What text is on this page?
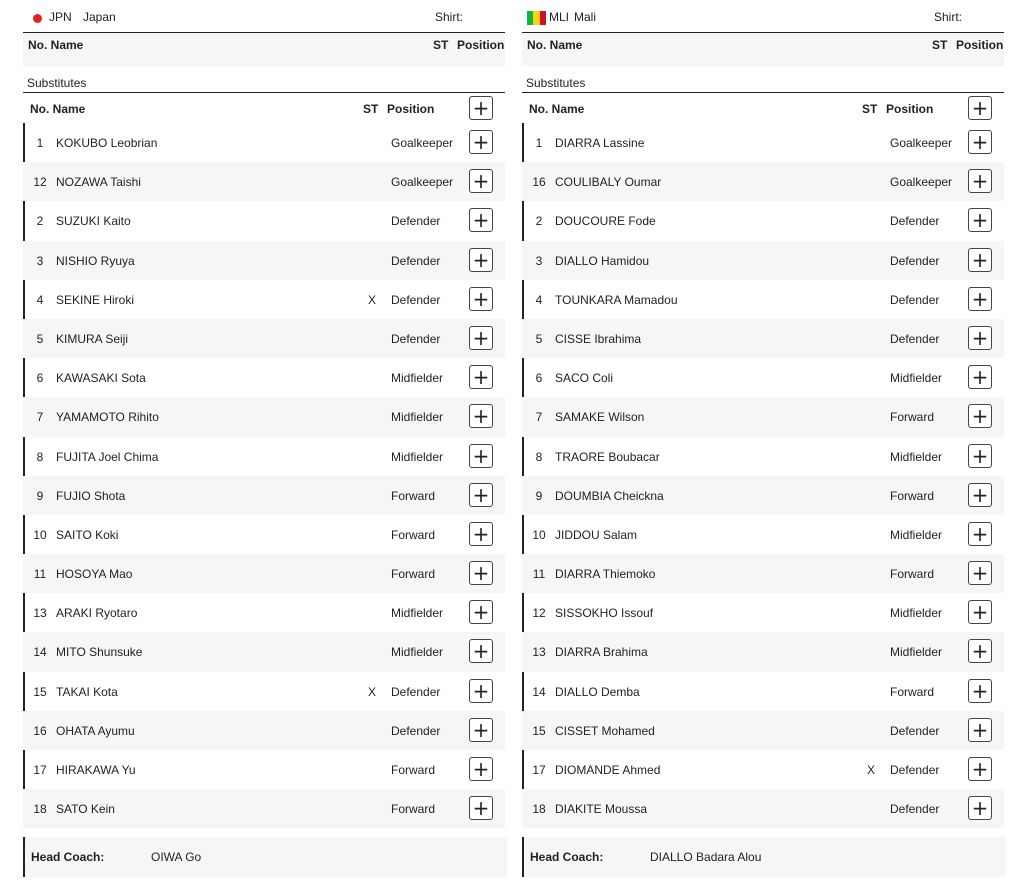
JPN Japan	Shirt:
No. Name	ST Position
Substitutes
No. Name	ST Position +
1	KOKUBO Leobrian	Goalkeeper +
12 NOZAWA Taishi	Goalkeeper +
2	SUZUKI Kaito	Defender +
3	NISHIO Ryuya	Defender +
4	SEKINE Hiroki	X Defender +
5	KIMURA Seiji	Defender +
6	KAWASAKI Sota	Midfielder +
7	YAMAMOTO Rihito	Midfielder +
8	FUJITA Joel Chima	Midfielder +
9	FUJIO Shota	Forward +
10 SAITO Koki	Forward +
11 HOSOYA Mao	Forward +
13 ARAKI Ryotaro	Midfielder +
14 MITO Shunsuke	Midfielder +
15 TAKAI Kota	X Defender +
16 OHATA Ayumu	Defender +
17 HIRAKAWA Yu	Forward +
18 SATO Kein	Forward +
Head Coach:	OIWA Go
MLI Mali	Shirt:
No. Name	ST Position
Substitutes
No. Name	ST Position +
1	DIARRA Lassine	Goalkeeper +
16 COULIBALY Oumar	Goalkeeper +
2	DOUCOURE Fode	Defender +
3	DIALLO Hamidou	Defender +
4	TOUNKARA Mamadou	Defender +
5	CISSE Ibrahima	Defender +
6	SACO Coli	Midfielder +
7	SAMAKE Wilson	Forward +
8	TRAORE Boubacar	Midfielder +
9	DOUMBIA Cheickna	Forward +
10 JIDDOU Salam	Midfielder +
11 DIARRA Thiemoko	Forward +
12 SISSOKHO Issouf	Midfielder +
13 DIARRA Brahima	Midfielder +
14 DIALLO Demba	Forward +
15 CISSET Mohamed	Defender +
17 DIOMANDE Ahmed	X Defender +
18 DIAKITE Moussa	Defender +
Head Coach:	DIALLO Badara Alou
